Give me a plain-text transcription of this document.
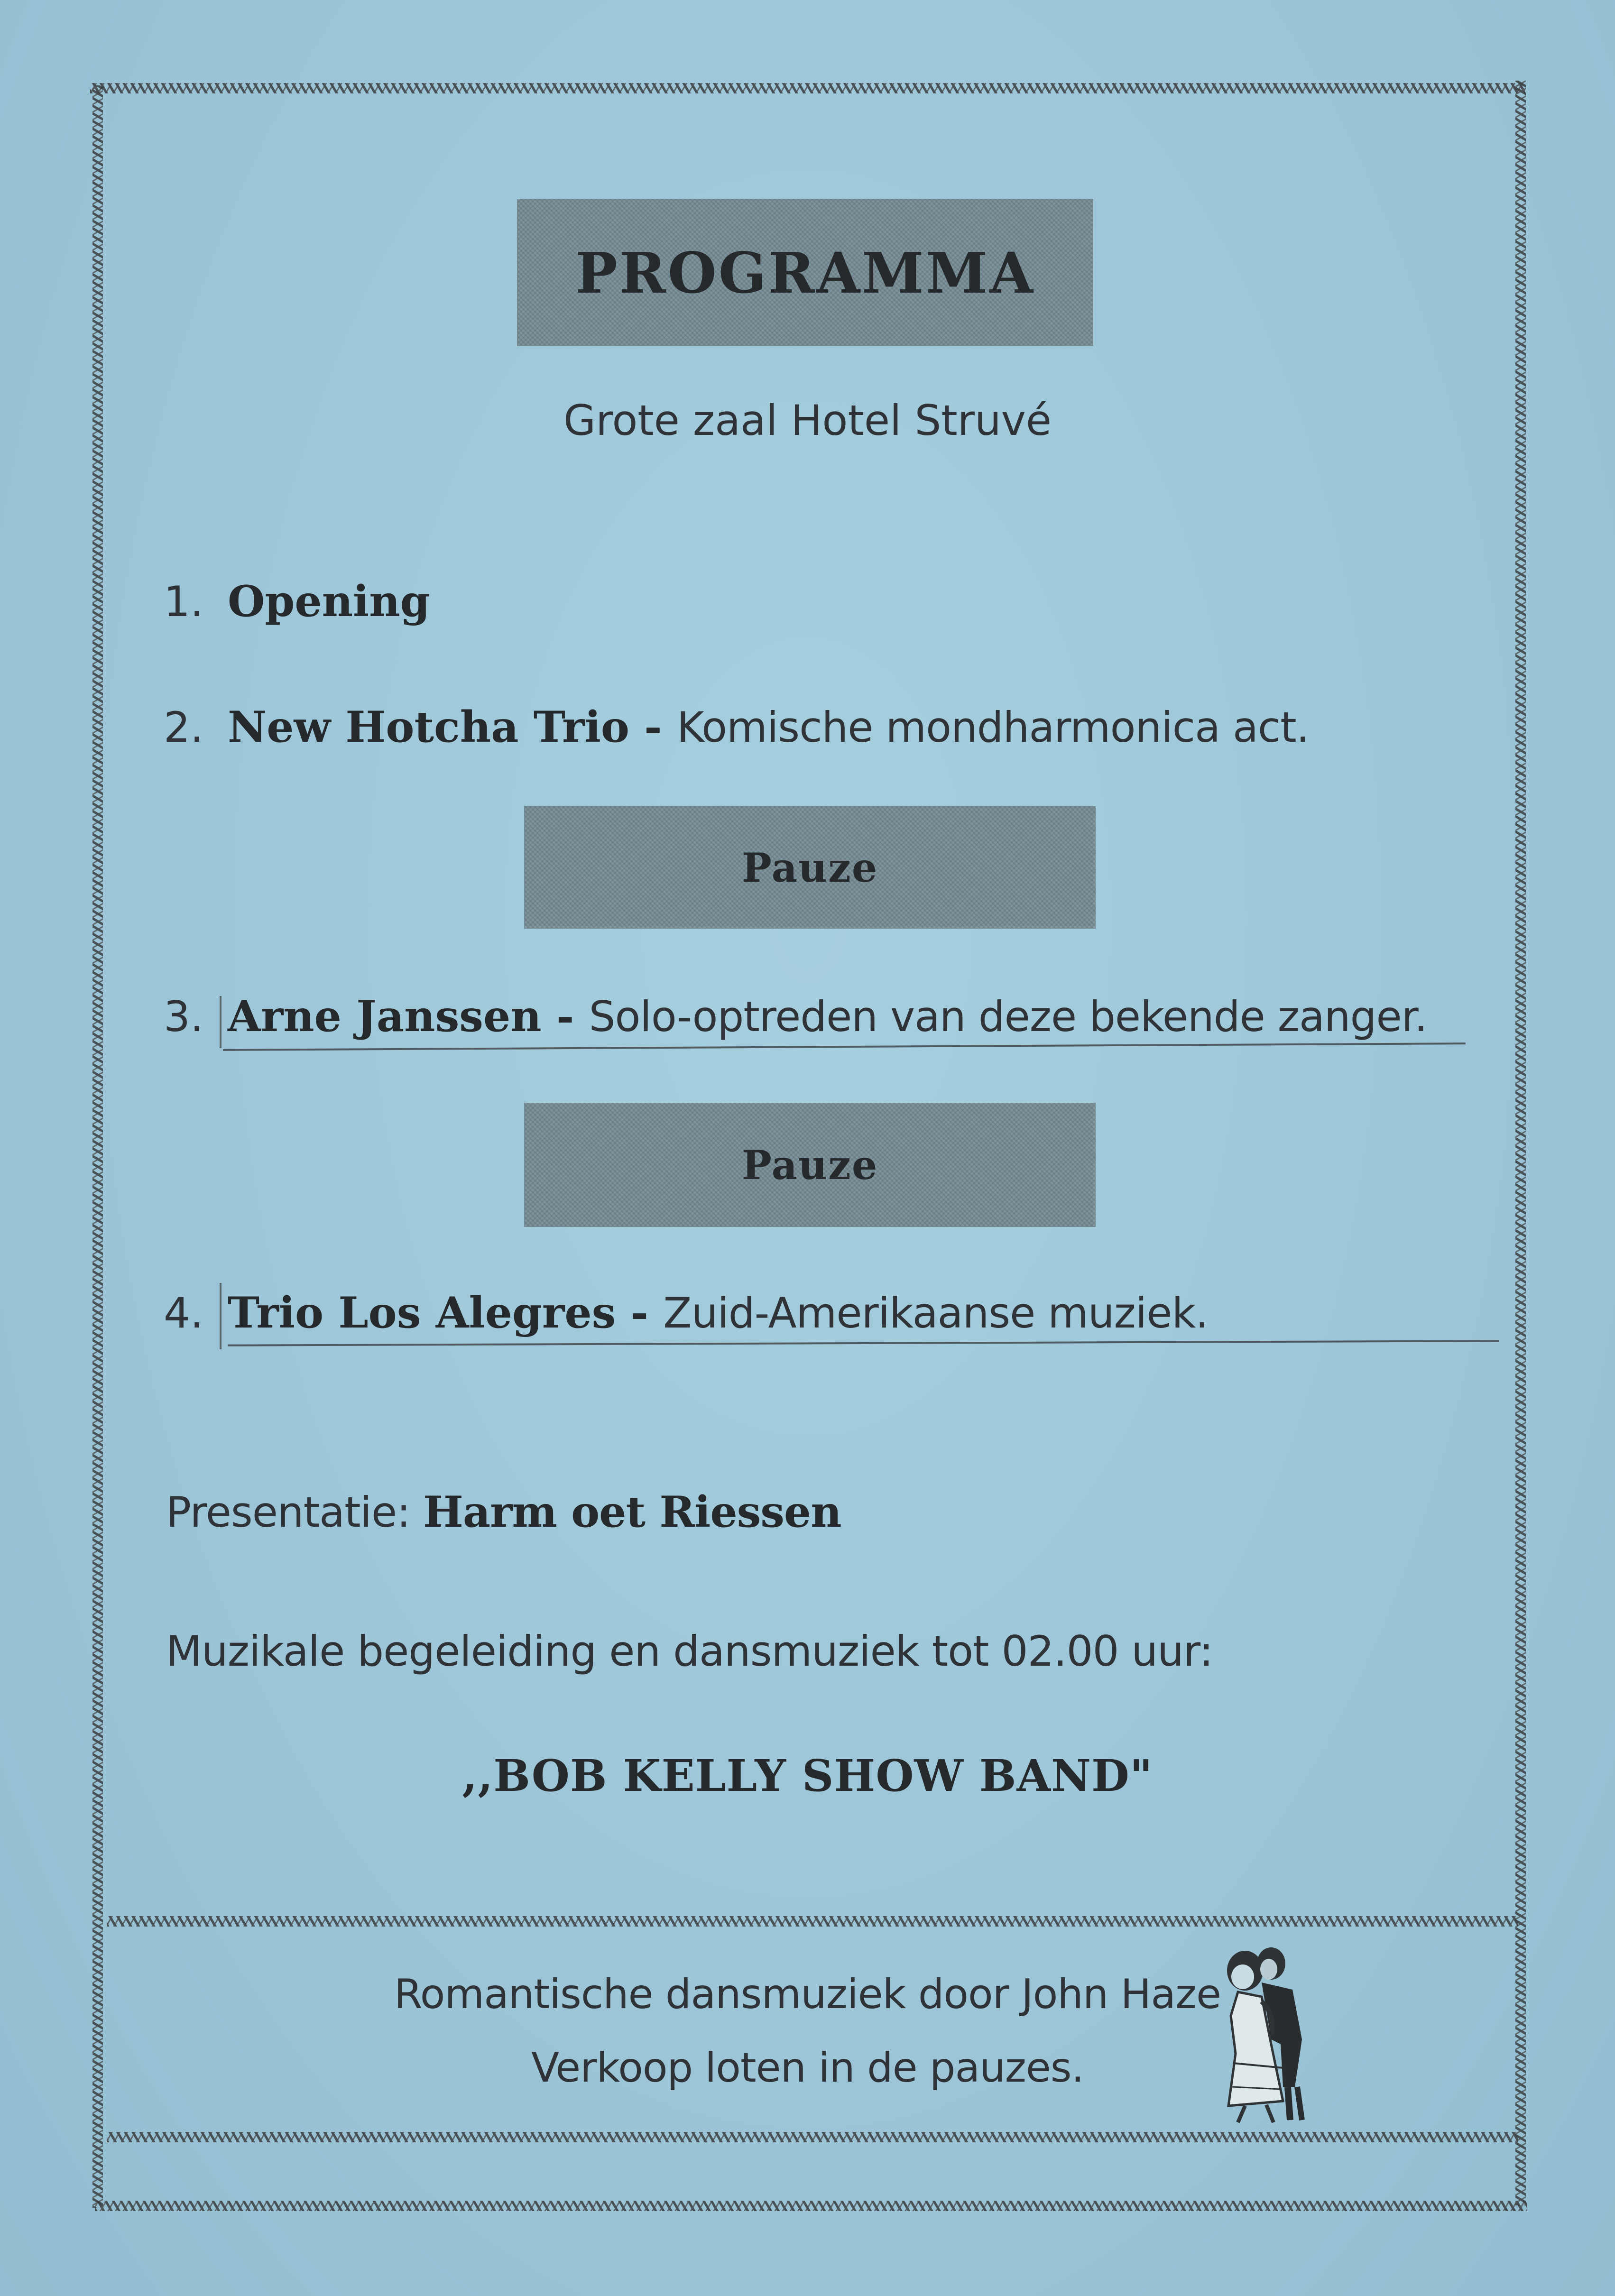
PROGRAMMA
Grote zaal Hotel Struvé
1. Opening
2. New Hotcha Trio - Komische mondharmonica act.
Pauze
3. Arne Janssen - Solo-optreden van deze bekende zanger.
Pauze
4. Trio Los Alegres - Zuid-Amerikaanse muziek.
Presentatie: Harm oet Riessen
Muzikale begeleiding en dansmuziek tot 02.00 uur:
,,BOB KELLY SHOW BAND"
Romantische dansmuziek door John Haze
Verkoop loten in de pauzes.
